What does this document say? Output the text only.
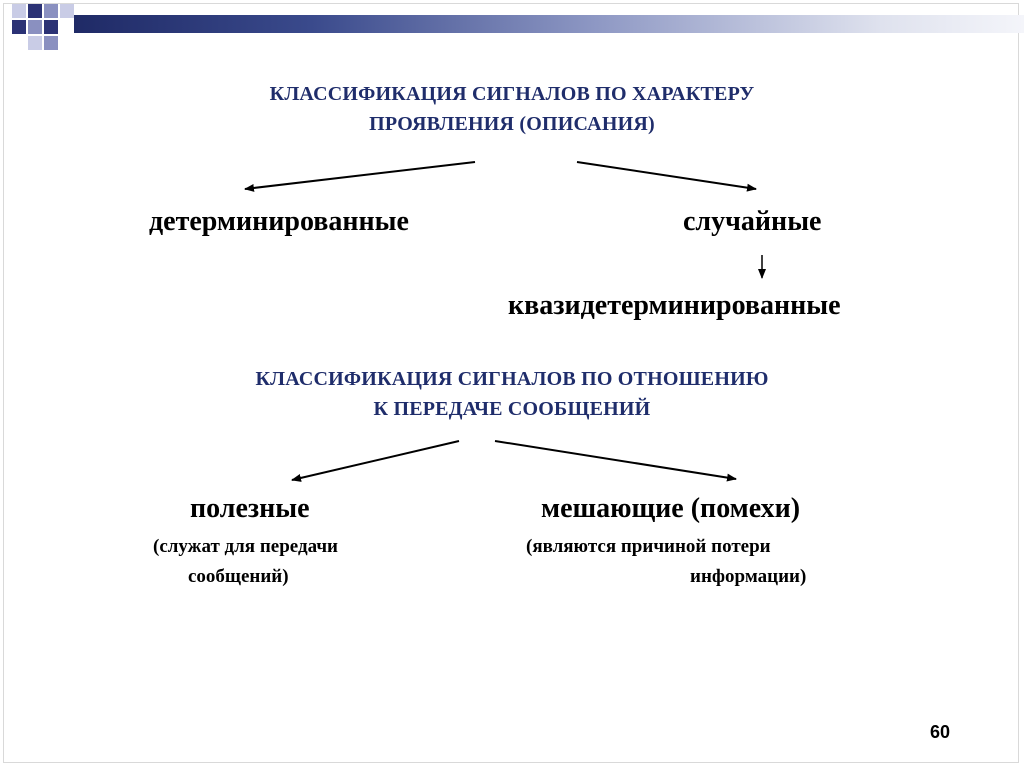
КЛАССИФИКАЦИЯ СИГНАЛОВ ПО ХАРАКТЕРУ
ПРОЯВЛЕНИЯ (ОПИСАНИЯ)
детерминированные	случайные
квазидетерминированные
КЛАССИФИКАЦИЯ СИГНАЛОВ ПО ОТНОШЕНИЮ
К ПЕРЕДАЧЕ СООБЩЕНИЙ
полезные
(служат для передачи
сообщений)
мешающие (помехи)
(являются причиной потери
информации)
60
